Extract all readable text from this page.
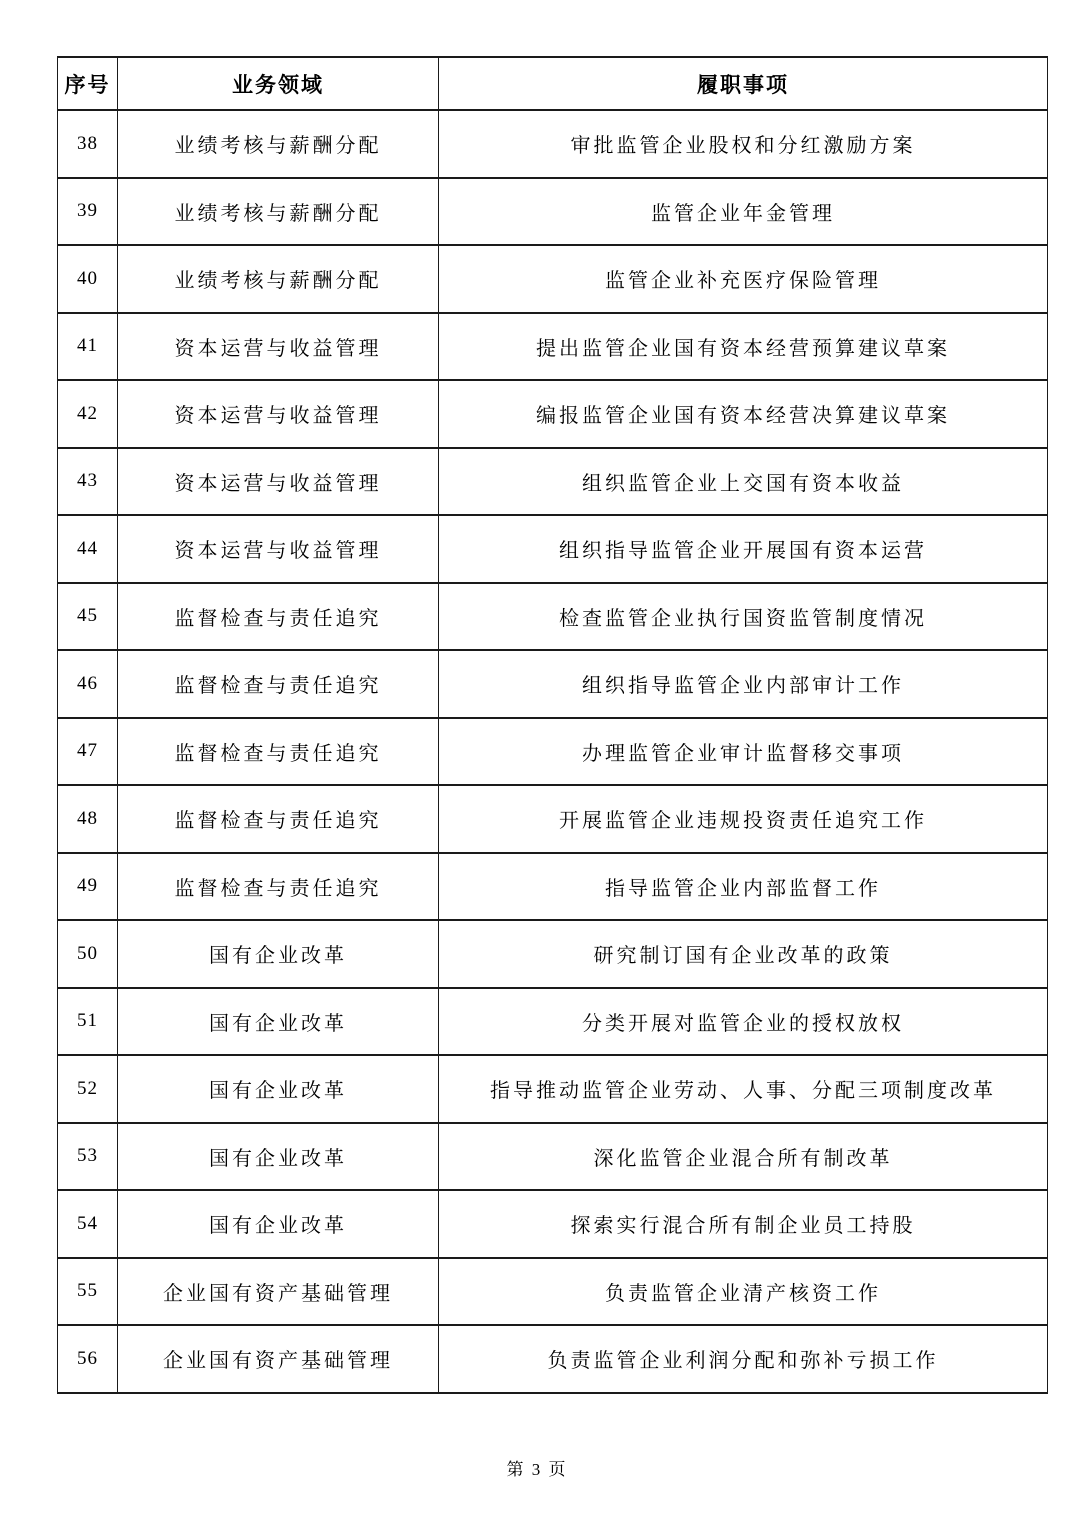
序号	业务领域	履职事项
38	业绩考核与薪酬分配	审批监管企业股权和分红激励方案
39	业绩考核与薪酬分配	监管企业年金管理
40	业绩考核与薪酬分配	监管企业补充医疗保险管理
41	资本运营与收益管理	提出监管企业国有资本经营预算建议草案
42	资本运营与收益管理	编报监管企业国有资本经营决算建议草案
43	资本运营与收益管理	组织监管企业上交国有资本收益
44	资本运营与收益管理	组织指导监管企业开展国有资本运营
45	监督检查与责任追究	检查监管企业执行国资监管制度情况
46	监督检查与责任追究	组织指导监管企业内部审计工作
47	监督检查与责任追究	办理监管企业审计监督移交事项
48	监督检查与责任追究	开展监管企业违规投资责任追究工作
49	监督检查与责任追究	指导监管企业内部监督工作
50	国有企业改革	研究制订国有企业改革的政策
51	国有企业改革	分类开展对监管企业的授权放权
52	国有企业改革	指导推动监管企业劳动、人事、分配三项制度改革
53	国有企业改革	深化监管企业混合所有制改革
54	国有企业改革	探索实行混合所有制企业员工持股
55	企业国有资产基础管理	负责监管企业清产核资工作
56	企业国有资产基础管理	负责监管企业利润分配和弥补亏损工作
第 3 页
